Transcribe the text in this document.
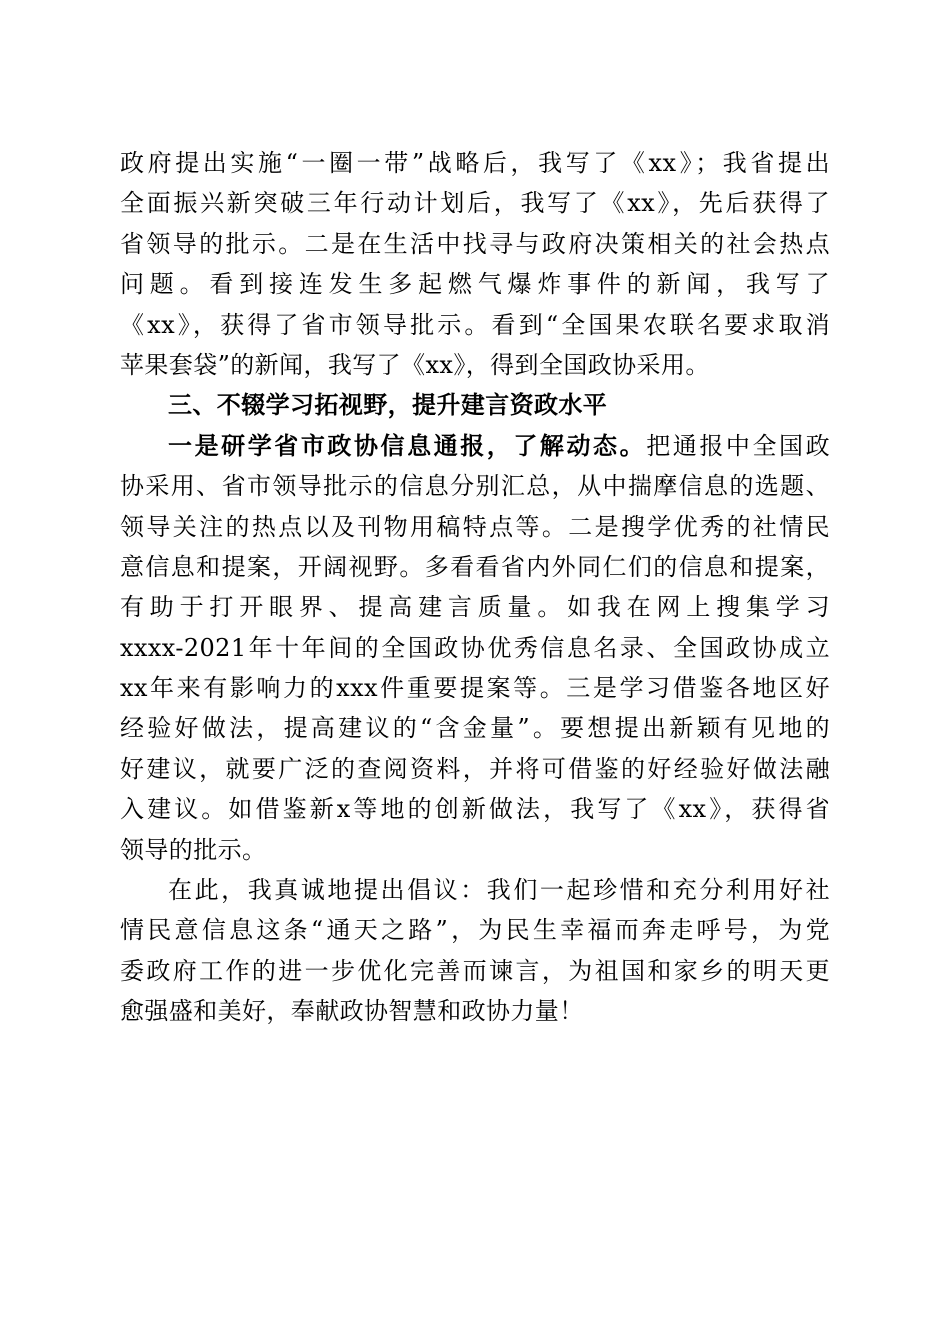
政府提出实施“一圈一带”战略后，我写了《xx》；我省提出
全面振兴新突破三年行动计划后，我写了《xx》，先后获得了
省领导的批示。二是在生活中找寻与政府决策相关的社会热点
问题。看到接连发生多起燃气爆炸事件的新闻，我写了
《xx》，获得了省市领导批示。看到“全国果农联名要求取消
苹果套袋”的新闻，我写了《xx》，得到全国政协采用。
三、不辍学习拓视野，提升建言资政水平
一是研学省市政协信息通报，了解动态。把通报中全国政
协采用、省市领导批示的信息分别汇总，从中揣摩信息的选题、
领导关注的热点以及刊物用稿特点等。二是搜学优秀的社情民
意信息和提案，开阔视野。多看看省内外同仁们的信息和提案，
有助于打开眼界、提高建言质量。如我在网上搜集学习
xxxx-2021年十年间的全国政协优秀信息名录、全国政协成立
xx年来有影响力的xxx件重要提案等。三是学习借鉴各地区好
经验好做法，提高建议的“含金量”。要想提出新颖有见地的
好建议，就要广泛的查阅资料，并将可借鉴的好经验好做法融
入建议。如借鉴新x等地的创新做法，我写了《xx》，获得省
领导的批示。
在此，我真诚地提出倡议：我们一起珍惜和充分利用好社
情民意信息这条“通天之路”，为民生幸福而奔走呼号，为党
委政府工作的进一步优化完善而谏言，为祖国和家乡的明天更
愈强盛和美好，奉献政协智慧和政协力量！
